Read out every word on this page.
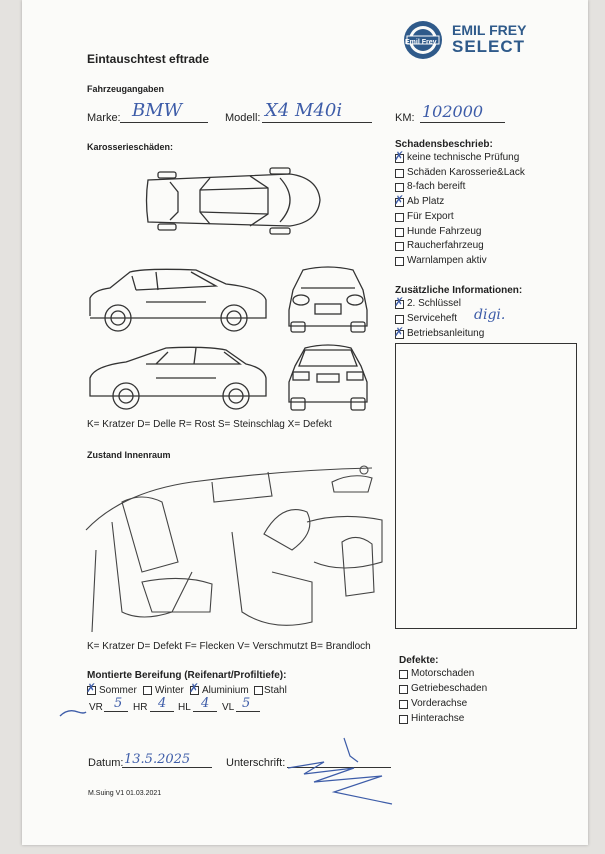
Emil Frey
EMIL FREY
SELECT
Eintauschtest eftrade
Fahrzeugangaben
Marke: BMW	Modell: X4 M40i	KM: 102000
Karosserieschäden:
K= Kratzer D= Delle R= Rost S= Steinschlag X= Defekt
Zustand Innenraum
K= Kratzer D= Defekt F= Flecken V= Verschmutzt B= Brandloch
Montierte Bereifung (Reifenart/Profiltiefe):
✗ Sommer Winter ✗ Aluminium Stahl
VR 5 HR 4 HL 4 VL 5
Datum: 13.5.2025	Unterschrift:
M.Suing V1 01.03.2021
Schadensbeschrieb:
✗ keine technische Prüfung
Schäden Karosserie&Lack
8-fach bereift
✗ Ab Platz
Für Export
Hunde Fahrzeug
Raucherfahrzeug
Warnlampen aktiv
Zusätzliche Informationen:
✗ 2. Schlüssel
Serviceheft
✗ Betriebsanleitung
digi.
Defekte:
Motorschaden
Getriebeschaden
Vorderachse
Hinterachse
